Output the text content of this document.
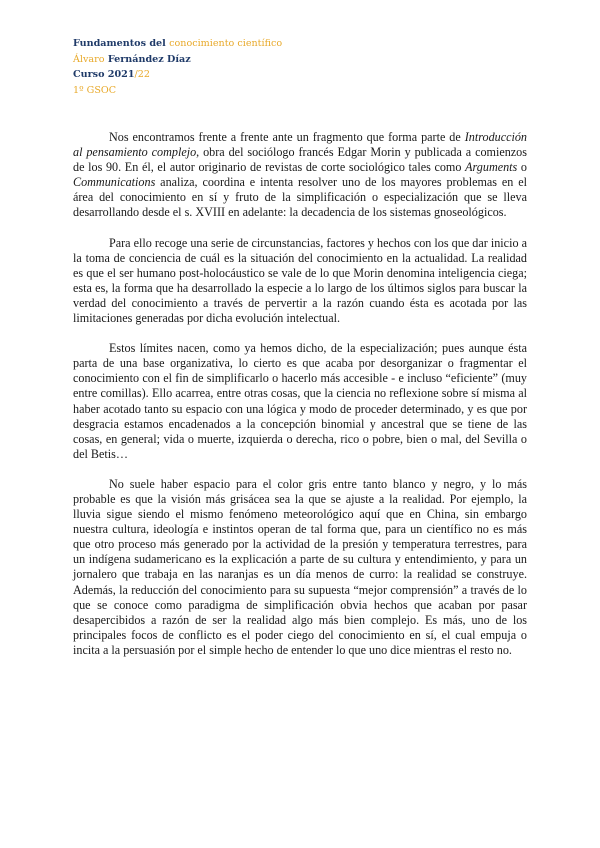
Fundamentos del conocimiento científico
Álvaro Fernández Díaz
Curso 2021/22
1º GSOC

Nos encontramos frente a frente ante un fragmento que forma parte de Introducción al pensamiento complejo, obra del sociólogo francés Edgar Morin y publicada a comienzos de los 90. En él, el autor originario de revistas de corte sociológico tales como Arguments o Communications analiza, coordina e intenta resolver uno de los mayores problemas en el área del conocimiento en sí y fruto de la simplificación o especialización que se lleva desarrollando desde el s. XVIII en adelante: la decadencia de los sistemas gnoseológicos.

Para ello recoge una serie de circunstancias, factores y hechos con los que dar inicio a la toma de conciencia de cuál es la situación del conocimiento en la actualidad. La realidad es que el ser humano post-holocáustico se vale de lo que Morin denomina inteligencia ciega; esta es, la forma que ha desarrollado la especie a lo largo de los últimos siglos para buscar la verdad del conocimiento a través de pervertir a la razón cuando ésta es acotada por las limitaciones generadas por dicha evolución intelectual.

Estos límites nacen, como ya hemos dicho, de la especialización; pues aunque ésta parta de una base organizativa, lo cierto es que acaba por desorganizar o fragmentar el conocimiento con el fin de simplificarlo o hacerlo más accesible - e incluso “eficiente” (muy entre comillas). Ello acarrea, entre otras cosas, que la ciencia no reflexione sobre sí misma al haber acotado tanto su espacio con una lógica y modo de proceder determinado, y es que por desgracia estamos encadenados a la concepción binomial y ancestral que se tiene de las cosas, en general; vida o muerte, izquierda o derecha, rico o pobre, bien o mal, del Sevilla o del Betis…

No suele haber espacio para el color gris entre tanto blanco y negro, y lo más probable es que la visión más grisácea sea la que se ajuste a la realidad. Por ejemplo, la lluvia sigue siendo el mismo fenómeno meteorológico aquí que en China, sin embargo nuestra cultura, ideología e instintos operan de tal forma que, para un científico no es más que otro proceso más generado por la actividad de la presión y temperatura terrestres, para un indígena sudamericano es la explicación a parte de su cultura y entendimiento, y para un jornalero que trabaja en las naranjas es un día menos de curro: la realidad se construye. Además, la reducción del conocimiento para su supuesta “mejor comprensión” a través de lo que se conoce como paradigma de simplificación obvia hechos que acaban por pasar desapercibidos a razón de ser la realidad algo más bien complejo. Es más, uno de los principales focos de conflicto es el poder ciego del conocimiento en sí, el cual empuja o incita a la persuasión por el simple hecho de entender lo que uno dice mientras el resto no.
